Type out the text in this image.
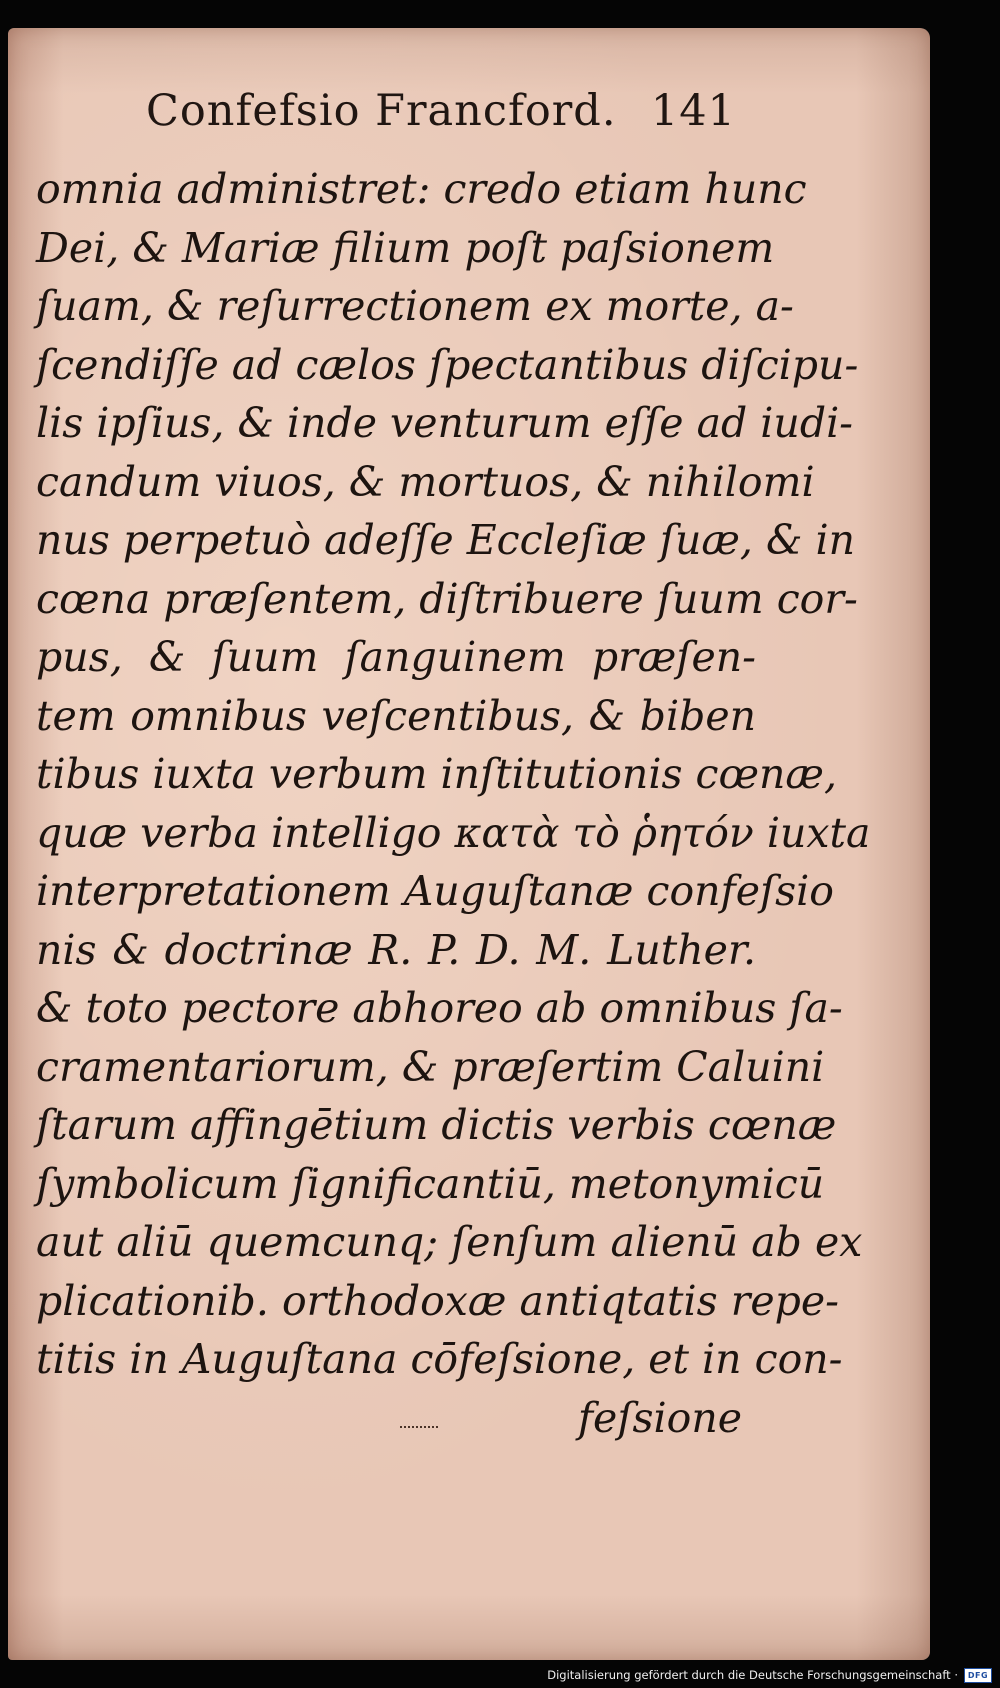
Confefsio Francford. 141
omnia administret: credo etiam hunc
Dei, & Mariæ filium poſt paſsionem
ſuam, & reſurrectionem ex morte, a-
ſcendiſſe ad cælos ſpectantibus diſcipu-
lis ipſius, & inde venturum eſſe ad iudi-
candum viuos, & mortuos, & nihilomi
nus perpetuò adeſſe Eccleſiæ ſuæ, & in
cœna præſentem, diſtribuere ſuum cor-
pus, & ſuum ſanguinem præſen-
tem omnibus veſcentibus, & biben
tibus iuxta verbum inſtitutionis cœnæ,
quæ verba intelligo κατὰ τὸ ῥητόν iuxta
interpretationem Auguſtanæ confeſsio
nis & doctrinæ R. P. D. M. Luther.
& toto pectore abhoreo ab omnibus ſa-
cramentariorum, & præſertim Caluini
ſtarum affingētium dictis verbis cœnæ
ſymbolicum ſignificantiū, metonymicū
aut aliū quemcunq; ſenſum alienū ab ex
plicationib. orthodoxæ antiqtatis repe-
titis in Auguſtana cōfeſsione, et in con-
feſsione
Digitalisierung gefördert durch die Deutsche Forschungsgemeinschaft ·	DFG
